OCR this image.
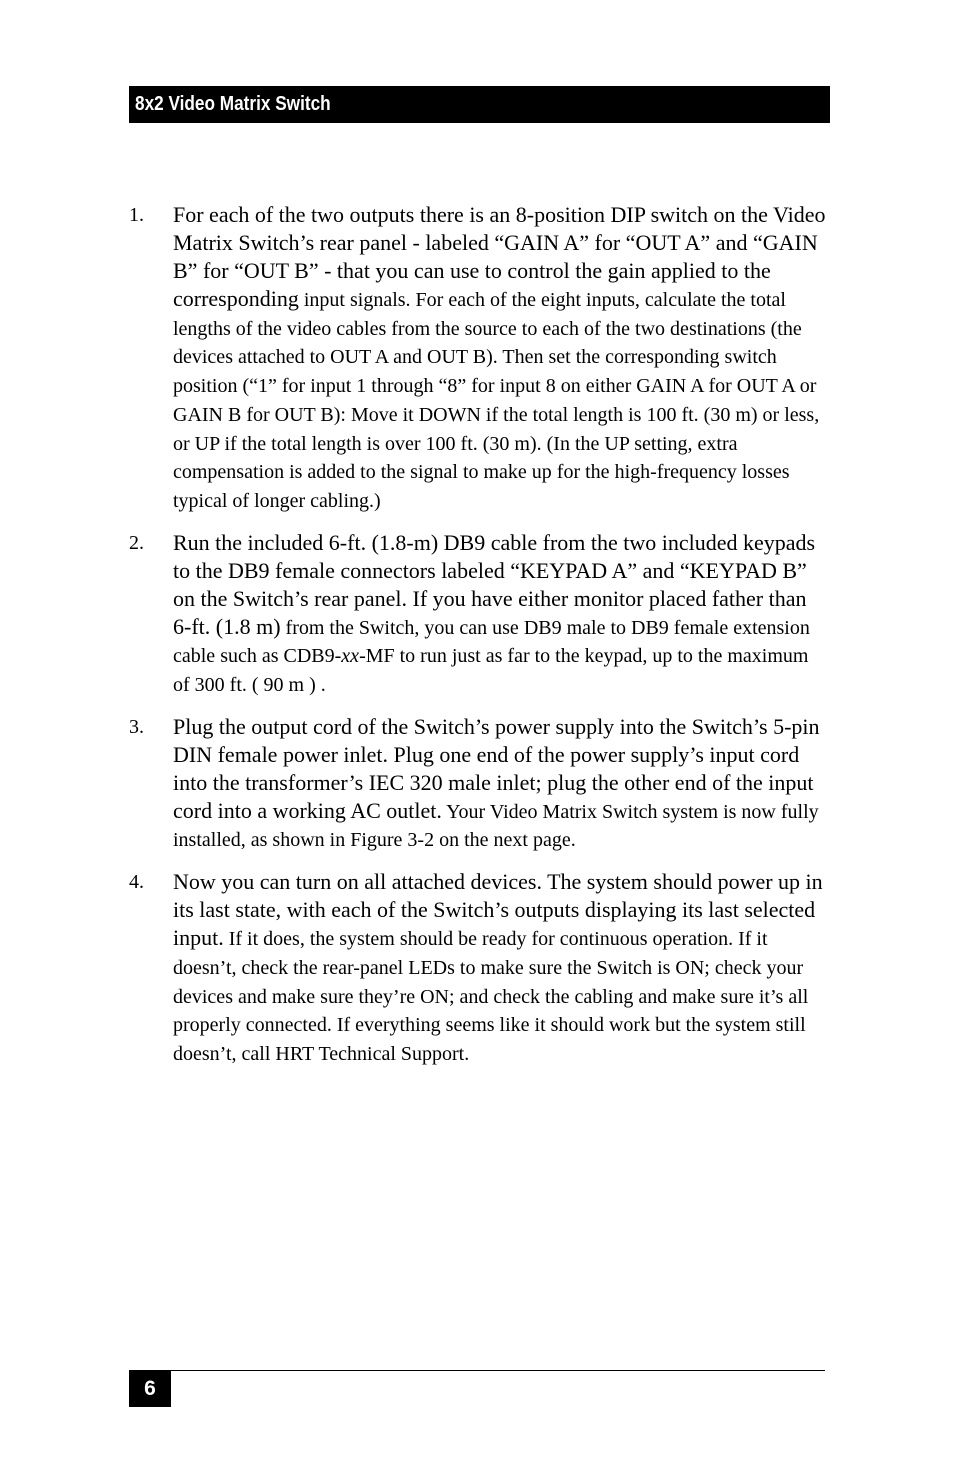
8x2 Video Matrix Switch
1.	For each of the two outputs there is an 8-position DIP switch on the Video Matrix Switch’s rear panel - labeled “GAIN A” for “OUT A” and “GAIN B” for “OUT B” - that you can use to control the gain applied to the corresponding input signals. For each of the eight inputs, calculate the total lengths of the video cables from the source to each of the two destinations (the devices attached to OUT A and OUT B). Then set the corresponding switch position (“1” for input 1 through “8” for input 8 on either GAIN A for OUT A or GAIN B for OUT B): Move it DOWN if the total length is 100 ft. (30 m) or less, or UP if the total length is over 100 ft. (30 m). (In the UP setting, extra compensation is added to the signal to make up for the high-frequency losses typical of longer cabling.)
2.	Run the included 6-ft. (1.8-m) DB9 cable from the two included keypads to the DB9 female connectors labeled “KEYPAD A” and “KEYPAD B” on the Switch’s rear panel. If you have either monitor placed father than 6-ft. (1.8 m) from the Switch, you can use DB9 male to DB9 female extension cable such as CDB9-xx-MF to run just as far to the keypad, up to the maximum of 300 ft. ( 90 m ) .
3.	Plug the output cord of the Switch’s power supply into the Switch’s 5-pin DIN female power inlet. Plug one end of the power supply’s input cord into the transformer’s IEC 320 male inlet; plug the other end of the input cord into a working AC outlet. Your Video Matrix Switch system is now fully installed, as shown in Figure 3-2 on the next page.
4.	Now you can turn on all attached devices. The system should power up in its last state, with each of the Switch’s outputs displaying its last selected input. If it does, the system should be ready for continuous operation. If it doesn’t, check the rear-panel LEDs to make sure the Switch is ON; check your devices and make sure they’re ON; and check the cabling and make sure it’s all properly connected. If everything seems like it should work but the system still doesn’t, call HRT Technical Support.
6
